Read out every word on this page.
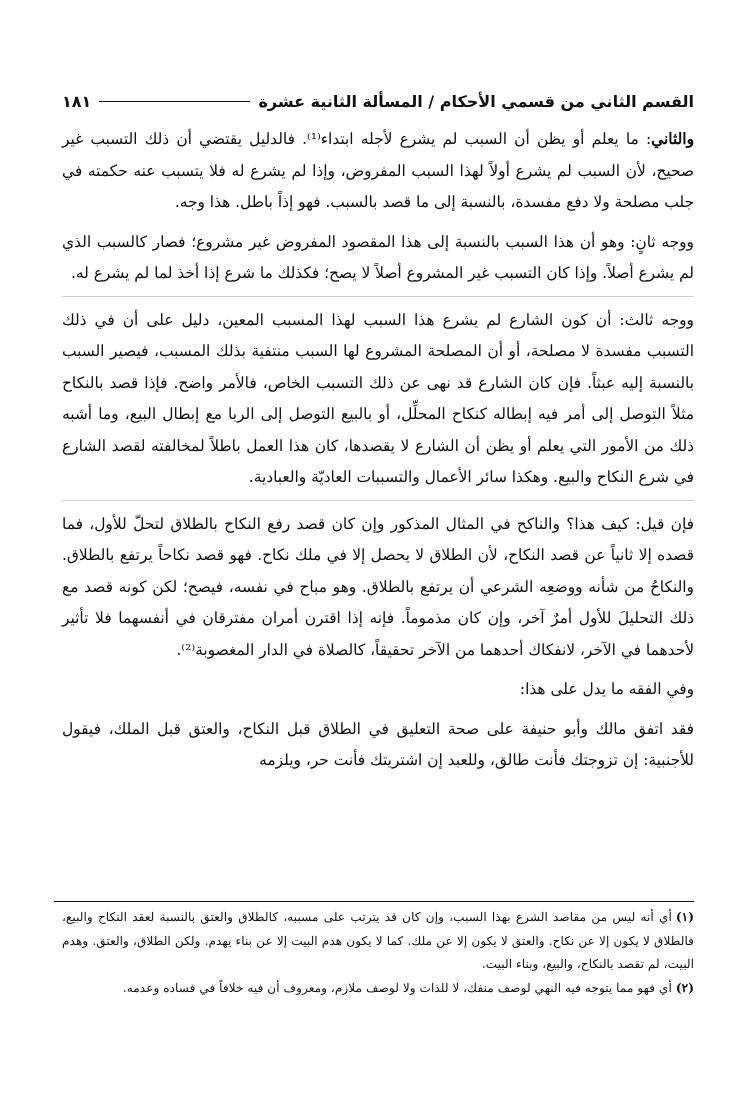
القسم الثاني من قسمي الأحكام / المسألة الثانية عشرة
١٨١

والثاني: ما يعلم أو يظن أن السبب لم يشرع لأجله ابتداء⁽¹⁾. فالدليل يقتضي أن ذلك التسبب غير صحيح، لأن السبب لم يشرع أولاً لهذا السبب المفروض، وإذا لم يشرع له فلا يتسبب عنه حكمته في جلب مصلحة ولا دفع مفسدة، بالنسبة إلى ما قصد بالسبب. فهو إذاً باطل. هذا وجه.

ووجه ثانٍ: وهو أن هذا السبب بالنسبة إلى هذا المقصود المفروض غير مشروع؛ فصار كالسبب الذي لم يشرع أصلاً. وإذا كان التسبب غير المشروع أصلاً لا يصح؛ فكذلك ما شرع إذا أخذ لما لم يشرع له.

ووجه ثالث: أن كون الشارع لم يشرع هذا السبب لهذا المسبب المعين، دليل على أن في ذلك التسبب مفسدة لا مصلحة، أو أن المصلحة المشروع لها السبب منتفية بذلك المسبب، فيصير السبب بالنسبة إليه عبثاً. فإن كان الشارع قد نهى عن ذلك التسبب الخاص، فالأمر واضح. فإذا قصد بالنكاح مثلاً التوصل إلى أمر فيه إبطاله كنكاح المحلِّل، أو بالبيع التوصل إلى الربا مع إبطال البيع، وما أشبه ذلك من الأمور التي يعلم أو يظن أن الشارع لا يقصدها، كان هذا العمل باطلاً لمخالفته لقصد الشارع في شرع النكاح والبيع. وهكذا سائر الأعمال والتسببات العاديّة والعبادية.

فإن قيل: كيف هذا؟ والناكح في المثال المذكور وإن كان قصد رفع النكاح بالطلاق لتحلّ للأول، فما قصده إلا ثانياً عن قصد النكاح، لأن الطلاق لا يحصل إلا في ملك نكاح. فهو قصد نكاحاً يرتفع بالطلاق. والنكاحُ من شأنه ووضعِه الشرعي أن يرتفع بالطلاق. وهو مباح في نفسه، فيصح؛ لكن كونه قصد مع ذلك التحليلَ للأول أمرٌ آخر، وإن كان مذموماً. فإنه إذا اقترن أمران مفترقان في أنفسهما فلا تأثير لأحدهما في الآخر، لانفكاك أحدهما من الآخر تحقيقاً، كالصلاة في الدار المغصوبة⁽²⁾.

وفي الفقه ما يدل على هذا:

فقد اتفق مالك وأبو حنيفة على صحة التعليق في الطلاق قبل النكاح، والعتق قبل الملك، فيقول للأجنبية: إن تزوجتك فأنت طالق، وللعبد إن اشتريتك فأنت حر، ويلزمه

(١)أي أنه ليس من مقاصد الشرع بهذا السبب، وإن كان قد يترتب على مسببه، كالطلاق والعتق بالنسبة لعقد النكاح والبيع، فالطلاق لا يكون إلا عن نكاح. والعتق لا يكون إلا عن ملك. كما لا يكون هدم البيت إلا عن بناء يهدم. ولكن الطلاق، والعتق. وهدم البيت، لم تقصد بالنكاح، والبيع، وبناء البيت.

(٢)أي فهو مما يتوجه فيه النهي لوصف منفك، لا للذات ولا لوصف ملازم، ومعروف أن فيه خلافاً في فساده وعدمه.
